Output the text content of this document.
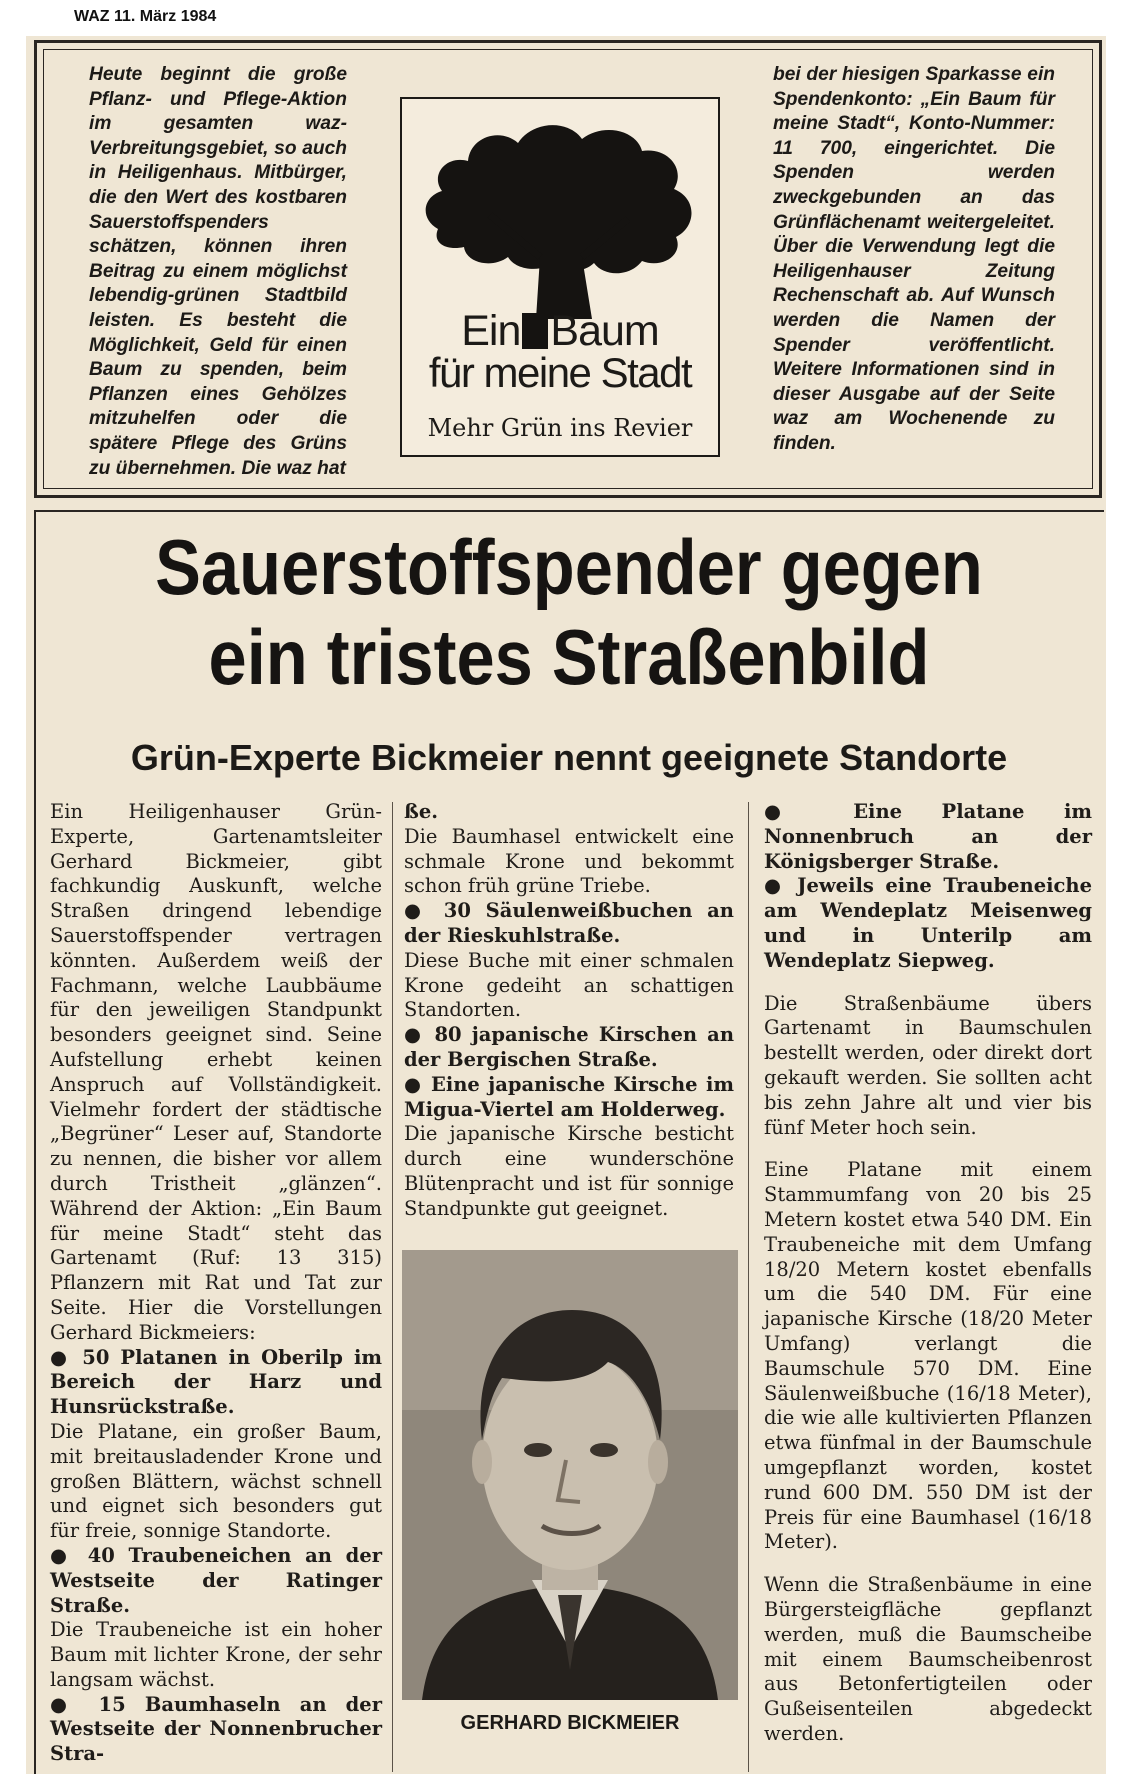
WAZ 11. März 1984
Heute beginnt die große Pflanz- und Pflege-Aktion im gesamten waz-Verbreitungsgebiet, so auch in Heiligenhaus. Mitbürger, die den Wert des kostbaren Sauerstoffspenders schätzen, können ihren Beitrag zu einem möglichst lebendig-grünen Stadtbild leisten. Es besteht die Möglichkeit, Geld für einen Baum zu spenden, beim Pflanzen eines Gehölzes mitzuhelfen oder die spätere Pflege des Grüns zu übernehmen. Die waz hat
Ein Baum
für meine Stadt
Mehr Grün ins Revier
bei der hiesigen Sparkasse ein Spendenkonto: „Ein Baum für meine Stadt“, Konto-Nummer: 11 700, eingerichtet. Die Spenden werden zweckgebunden an das Grünflächenamt weitergeleitet. Über die Verwendung legt die Heiligenhauser Zeitung Rechenschaft ab. Auf Wunsch werden die Namen der Spender veröffentlicht. Weitere Informationen sind in dieser Ausgabe auf der Seite waz am Wochenende zu finden.
Sauerstoffspender gegen
ein tristes Straßenbild
Grün-Experte Bickmeier nennt geeignete Standorte

Ein Heiligenhauser Grün-Experte, Gartenamtsleiter Gerhard Bickmeier, gibt fachkundig Auskunft, welche Straßen dringend lebendige Sauerstoffspender vertragen könnten. Außerdem weiß der Fachmann, welche Laubbäume für den jeweiligen Standpunkt besonders geeignet sind. Seine Aufstellung erhebt keinen Anspruch auf Vollständigkeit. Vielmehr fordert der städtische „Begrüner“ Leser auf, Standorte zu nennen, die bisher vor allem durch Tristheit „glänzen“. Während der Aktion: „Ein Baum für meine Stadt“ steht das Gartenamt (Ruf: 13 315) Pflanzern mit Rat und Tat zur Seite. Hier die Vorstellungen Gerhard Bickmeiers:

● 50 Platanen in Oberilp im Bereich der Harz und Hunsrückstraße.

Die Platane, ein großer Baum, mit breitausladender Krone und großen Blättern, wächst schnell und eignet sich besonders gut für freie, sonnige Standorte.

● 40 Traubeneichen an der Westseite der Ratinger Straße.

Die Traubeneiche ist ein hoher Baum mit lichter Krone, der sehr langsam wächst.

● 15 Baumhaseln an der Westseite der Nonnenbrucher Stra-

ße.

Die Baumhasel entwickelt eine schmale Krone und bekommt schon früh grüne Triebe.

● 30 Säulenweißbuchen an der Rieskuhlstraße.

Diese Buche mit einer schmalen Krone gedeiht an schattigen Standorten.

● 80 japanische Kirschen an der Bergischen Straße.

● Eine japanische Kirsche im Migua-Viertel am Holderweg.

Die japanische Kirsche besticht durch eine wunderschöne Blütenpracht und ist für sonnige Standpunkte gut geeignet.

● Eine Platane im Nonnenbruch an der Königsberger Straße.

● Jeweils eine Traubeneiche am Wendeplatz Meisenweg und in Unterilp am Wendeplatz Siepweg.

Die Straßenbäume übers Gartenamt in Baumschulen bestellt werden, oder direkt dort gekauft werden. Sie sollten acht bis zehn Jahre alt und vier bis fünf Meter hoch sein.

Eine Platane mit einem Stammumfang von 20 bis 25 Metern kostet etwa 540 DM. Ein Traubeneiche mit dem Umfang 18/20 Metern kostet ebenfalls um die 540 DM. Für eine japanische Kirsche (18/20 Meter Umfang) verlangt die Baumschule 570 DM. Eine Säulenweißbuche (16/18 Meter), die wie alle kultivierten Pflanzen etwa fünfmal in der Baumschule umgepflanzt worden, kostet rund 600 DM. 550 DM ist der Preis für eine Baumhasel (16/18 Meter).

Wenn die Straßenbäume in eine Bürgersteigfläche gepflanzt werden, muß die Baumscheibe mit einem Baumscheibenrost aus Betonfertigteilen oder Gußeisenteilen abgedeckt werden.

GERHARD BICKMEIER
